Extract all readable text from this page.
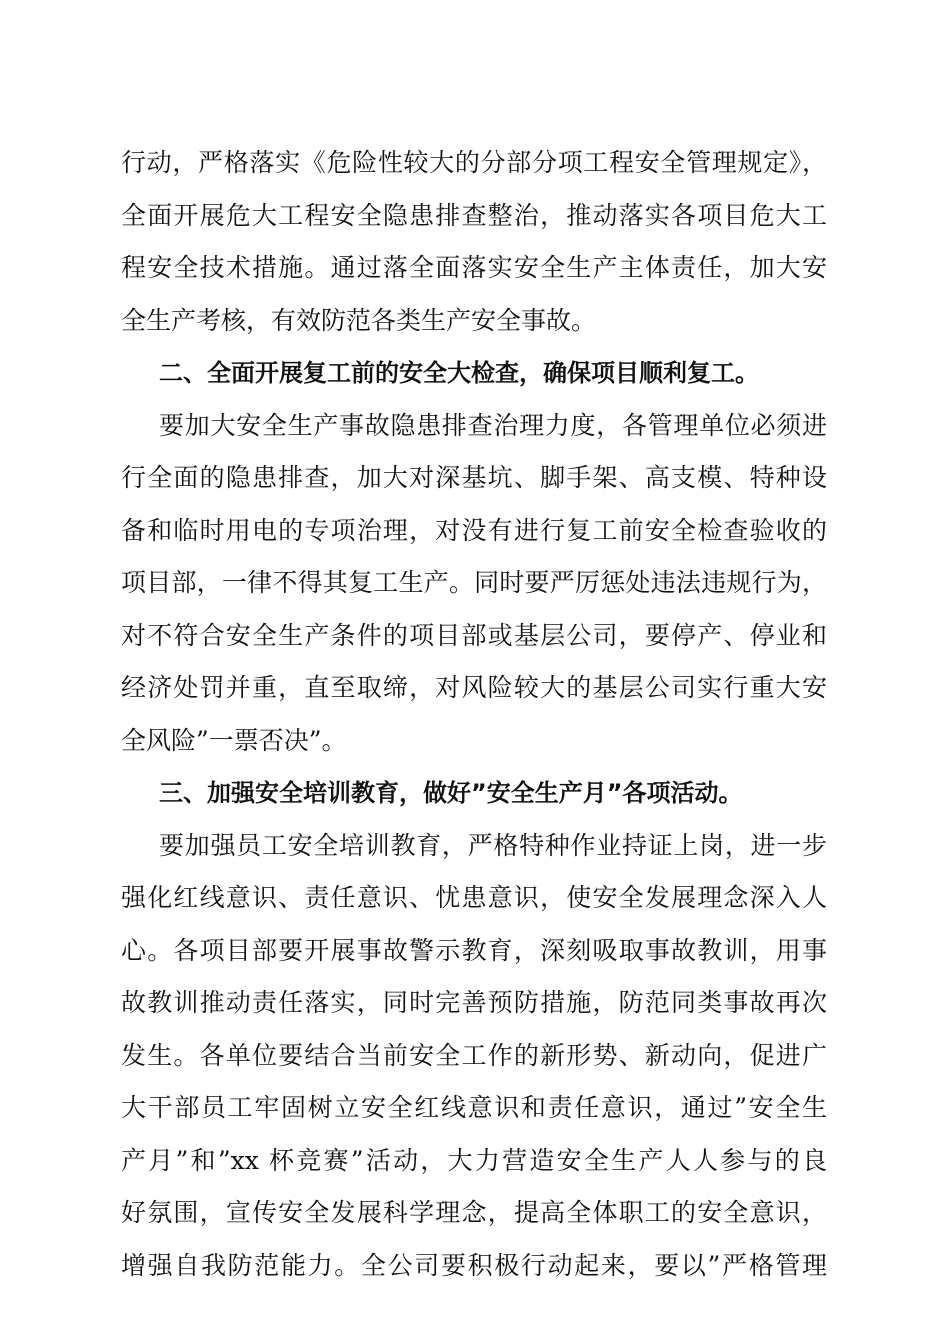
行动，严格落实《危险性较大的分部分项工程安全管理规定》，
全面开展危大工程安全隐患排查整治，推动落实各项目危大工
程安全技术措施。通过落全面落实安全生产主体责任，加大安
全生产考核，有效防范各类生产安全事故。
二、全面开展复工前的安全大检查，确保项目顺利复工。
要加大安全生产事故隐患排查治理力度，各管理单位必须进
行全面的隐患排查，加大对深基坑、脚手架、高支模、特种设
备和临时用电的专项治理，对没有进行复工前安全检查验收的
项目部，一律不得其复工生产。同时要严厉惩处违法违规行为，
对不符合安全生产条件的项目部或基层公司，要停产、停业和
经济处罚并重，直至取缔，对风险较大的基层公司实行重大安
全风险”一票否决”。
三、加强安全培训教育，做好”安全生产月”各项活动。
要加强员工安全培训教育，严格特种作业持证上岗，进一步
强化红线意识、责任意识、忧患意识，使安全发展理念深入人
心。各项目部要开展事故警示教育，深刻吸取事故教训，用事
故教训推动责任落实，同时完善预防措施，防范同类事故再次
发生。各单位要结合当前安全工作的新形势、新动向，促进广
大干部员工牢固树立安全红线意识和责任意识，通过”安全生
产月”和”xx 杯竞赛”活动，大力营造安全生产人人参与的良
好氛围，宣传安全发展科学理念，提高全体职工的安全意识，
增强自我防范能力。全公司要积极行动起来，要以”严格管理
